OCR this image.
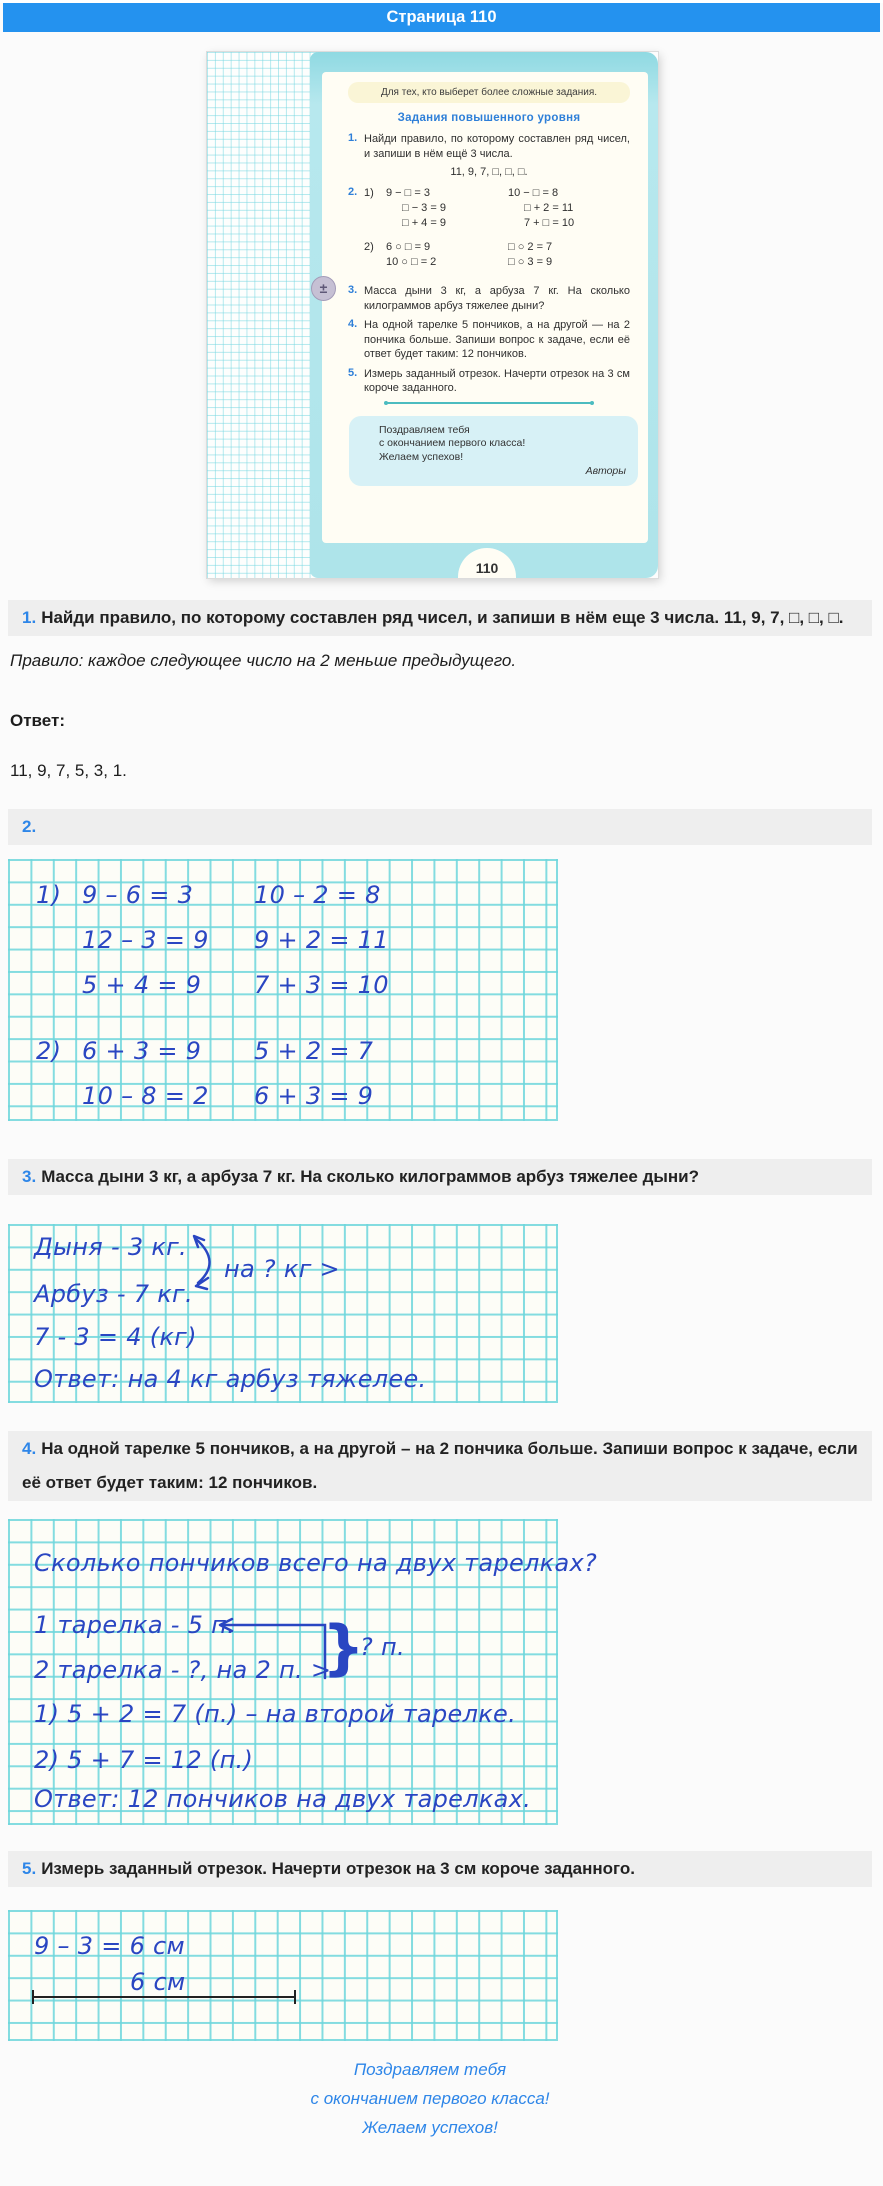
Страница 110
Для тех, кто выберет более сложные задания.
Задания повышенного уровня
1. Найди правило, по которому составлен ряд чисел, и запиши в нём ещё 3 числа.
11, 9, 7, □, □, □.
2. 1)	9 − □ = 3	10 − □ = 8
□ − 3 = 9	□ + 2 = 11
□ + 4 = 9	7 + □ = 10
2)	6 ○ □ = 9	□ ○ 2 = 7
10 ○ □ = 2	□ ○ 3 = 9
3. Масса дыни 3 кг, а арбуза 7 кг. На сколько килограммов арбуз тяжелее дыни?
4. На одной тарелке 5 пончиков, а на другой — на 2 пончика больше. Запиши вопрос к задаче, если её ответ будет таким: 12 пончиков.
5. Измерь заданный отрезок. Начерти отрезок на 3 см короче заданного.
Поздравляем тебя
с окончанием первого класса!
Желаем успехов!
Авторы
110
±
1. Найди правило, по которому составлен ряд чисел, и запиши в нём еще 3 числа. 11, 9, 7, □, □, □.

Правило: каждое следующее число на 2 меньше предыдущего.

Ответ:

11, 9, 7, 5, 3, 1.

2.
1) 9 – 6 = 3	10 – 2 = 8
12 – 3 = 9 9 + 2 = 11
5 + 4 = 9 7 + 3 = 10
2) 6 + 3 = 9 5 + 2 = 7
10 – 8 = 2 6 + 3 = 9
3. Масса дыни 3 кг, а арбуза 7 кг. На сколько килограммов арбуз тяжелее дыни?
Дыня - 3 кг.
Арбуз - 7 кг.
на ? кг >
7 - 3 = 4 (кг)
Ответ: на 4 кг арбуз тяжелее.
4. На одной тарелке 5 пончиков, а на другой – на 2 пончика больше. Запиши вопрос к задаче, если её ответ будет таким: 12 пончиков.
Сколько пончиков всего на двух тарелках?
1 тарелка - 5 п.
2 тарелка - ?, на 2 п. >
}
? п.
1) 5 + 2 = 7 (п.) – на второй тарелке.
2) 5 + 7 = 12 (п.)
Ответ: 12 пончиков на двух тарелках.
5. Измерь заданный отрезок. Начерти отрезок на 3 см короче заданного.
9 – 3 = 6 см
6 см
Поздравляем тебя
с окончанием первого класса!
Желаем успехов!
